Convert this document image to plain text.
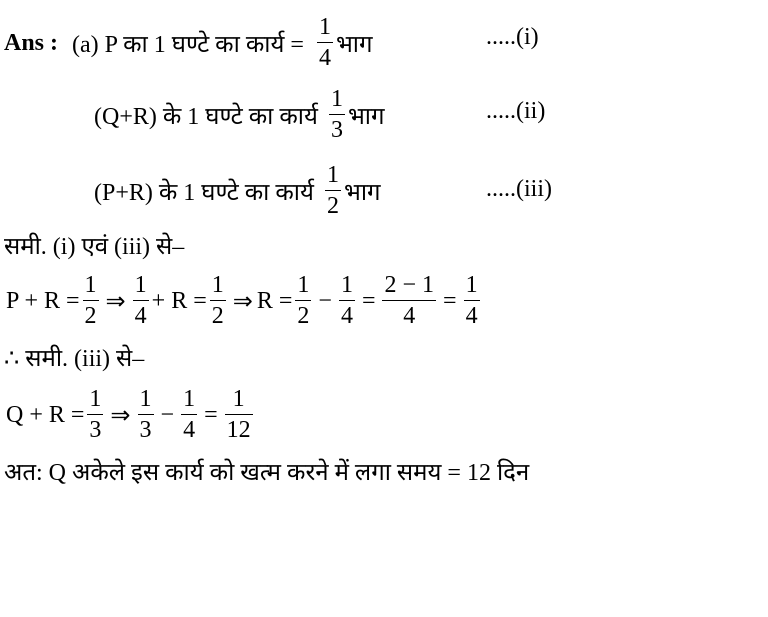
Ans : (a) P का 1 घण्टे का कार्य = $\frac{1}{4}$ भाग	.....(i)
(Q+R) के 1 घण्टे का कार्य $\frac{1}{3}$ भाग	.....(ii)
(P+R) के 1 घण्टे का कार्य $\frac{1}{2}$ भाग	.....(iii)
समी. (i) एवं (iii) से–
$P + R = \frac{1}{2}$ ⇒ $\frac{1}{4} + R = \frac{1}{2}$ ⇒ $R = \frac{1}{2} - \frac{1}{4} = \frac{2 - 1}{4} = \frac{1}{4}$
∴ समी. (iii) से–
$Q + R = \frac{1}{3}$ ⇒ $\frac{1}{3} - \frac{1}{4} = \frac{1}{12}$
अत: Q अकेले इस कार्य को खत्म करने में लगा समय = 12 दिन
